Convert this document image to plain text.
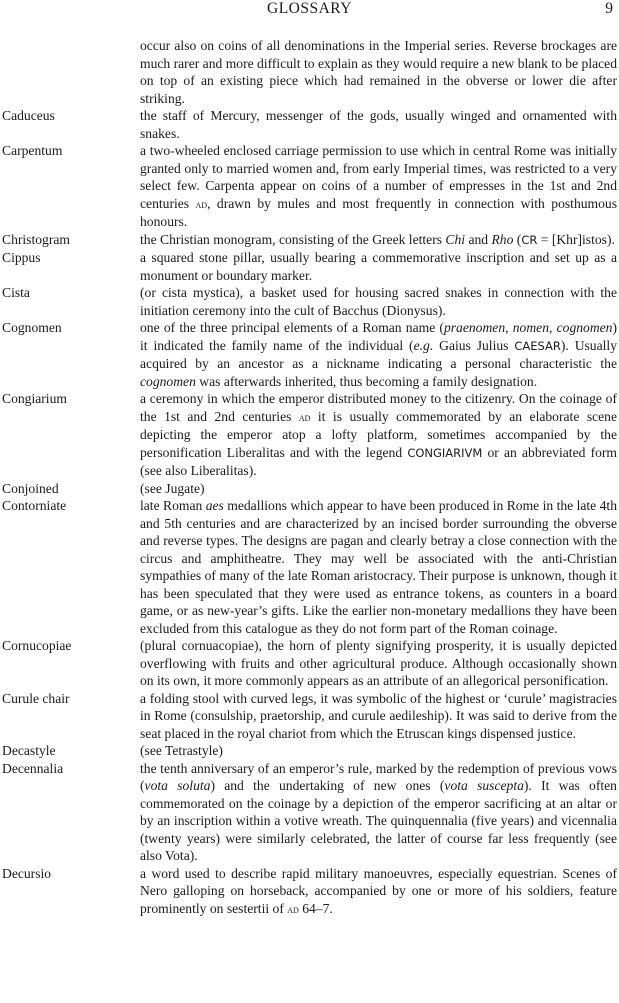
GLOSSARY	9
occur also on coins of all denominations in the Imperial series. Reverse brockages are much rarer and more difficult to explain as they would require a new blank to be placed on top of an existing piece which had remained in the obverse or lower die after striking.
Caduceus	the staff of Mercury, messenger of the gods, usually winged and ornamented with snakes.
Carpentum	a two-wheeled enclosed carriage permission to use which in central Rome was initially granted only to married women and, from early Imperial times, was restricted to a very select few. Carpenta appear on coins of a number of empresses in the 1st and 2nd centuries ad, drawn by mules and most frequently in connection with posthumous honours.
Christogram	the Christian monogram, consisting of the Greek letters Chi and Rho (CR = [Khr]istos).
Cippus	a squared stone pillar, usually bearing a commemorative inscription and set up as a monument or boundary marker.
Cista	(or cista mystica), a basket used for housing sacred snakes in connection with the initiation ceremony into the cult of Bacchus (Dionysus).
Cognomen	one of the three principal elements of a Roman name (praenomen, nomen, cognomen) it indicated the family name of the individual (e.g. Gaius Julius CAESAR). Usually acquired by an ancestor as a nickname indicating a personal characteristic the cognomen was afterwards inherited, thus becoming a family designation.
Congiarium	a ceremony in which the emperor distributed money to the citizenry. On the coinage of the 1st and 2nd centuries ad it is usually commemorated by an elaborate scene depicting the emperor atop a lofty platform, sometimes accompanied by the personification Liberalitas and with the legend CONGIARIVM or an abbreviated form (see also Liberalitas).
Conjoined	(see Jugate)
Contorniate	late Roman aes medallions which appear to have been produced in Rome in the late 4th and 5th centuries and are characterized by an incised border surrounding the obverse and reverse types. The designs are pagan and clearly betray a close connection with the circus and amphitheatre. They may well be associated with the anti-Christian sympathies of many of the late Roman aristocracy. Their purpose is unknown, though it has been speculated that they were used as entrance tokens, as counters in a board game, or as new-year’s gifts. Like the earlier non-monetary medallions they have been excluded from this catalogue as they do not form part of the Roman coinage.
Cornucopiae	(plural cornuacopiae), the horn of plenty signifying prosperity, it is usually depicted overflowing with fruits and other agricultural produce. Although occasionally shown on its own, it more commonly appears as an attribute of an allegorical personification.
Curule chair	a folding stool with curved legs, it was symbolic of the highest or ‘curule’ magistracies in Rome (consulship, praetorship, and curule aedileship). It was said to derive from the seat placed in the royal chariot from which the Etruscan kings dispensed justice.
Decastyle	(see Tetrastyle)
Decennalia	the tenth anniversary of an emperor’s rule, marked by the redemption of previous vows (vota soluta) and the undertaking of new ones (vota suscepta). It was often commemorated on the coinage by a depiction of the emperor sacrificing at an altar or by an inscription within a votive wreath. The quinquennalia (five years) and vicennalia (twenty years) were similarly celebrated, the latter of course far less frequently (see also Vota).
Decursio	a word used to describe rapid military manoeuvres, especially equestrian. Scenes of Nero galloping on horseback, accompanied by one or more of his soldiers, feature prominently on sestertii of ad 64–7.
